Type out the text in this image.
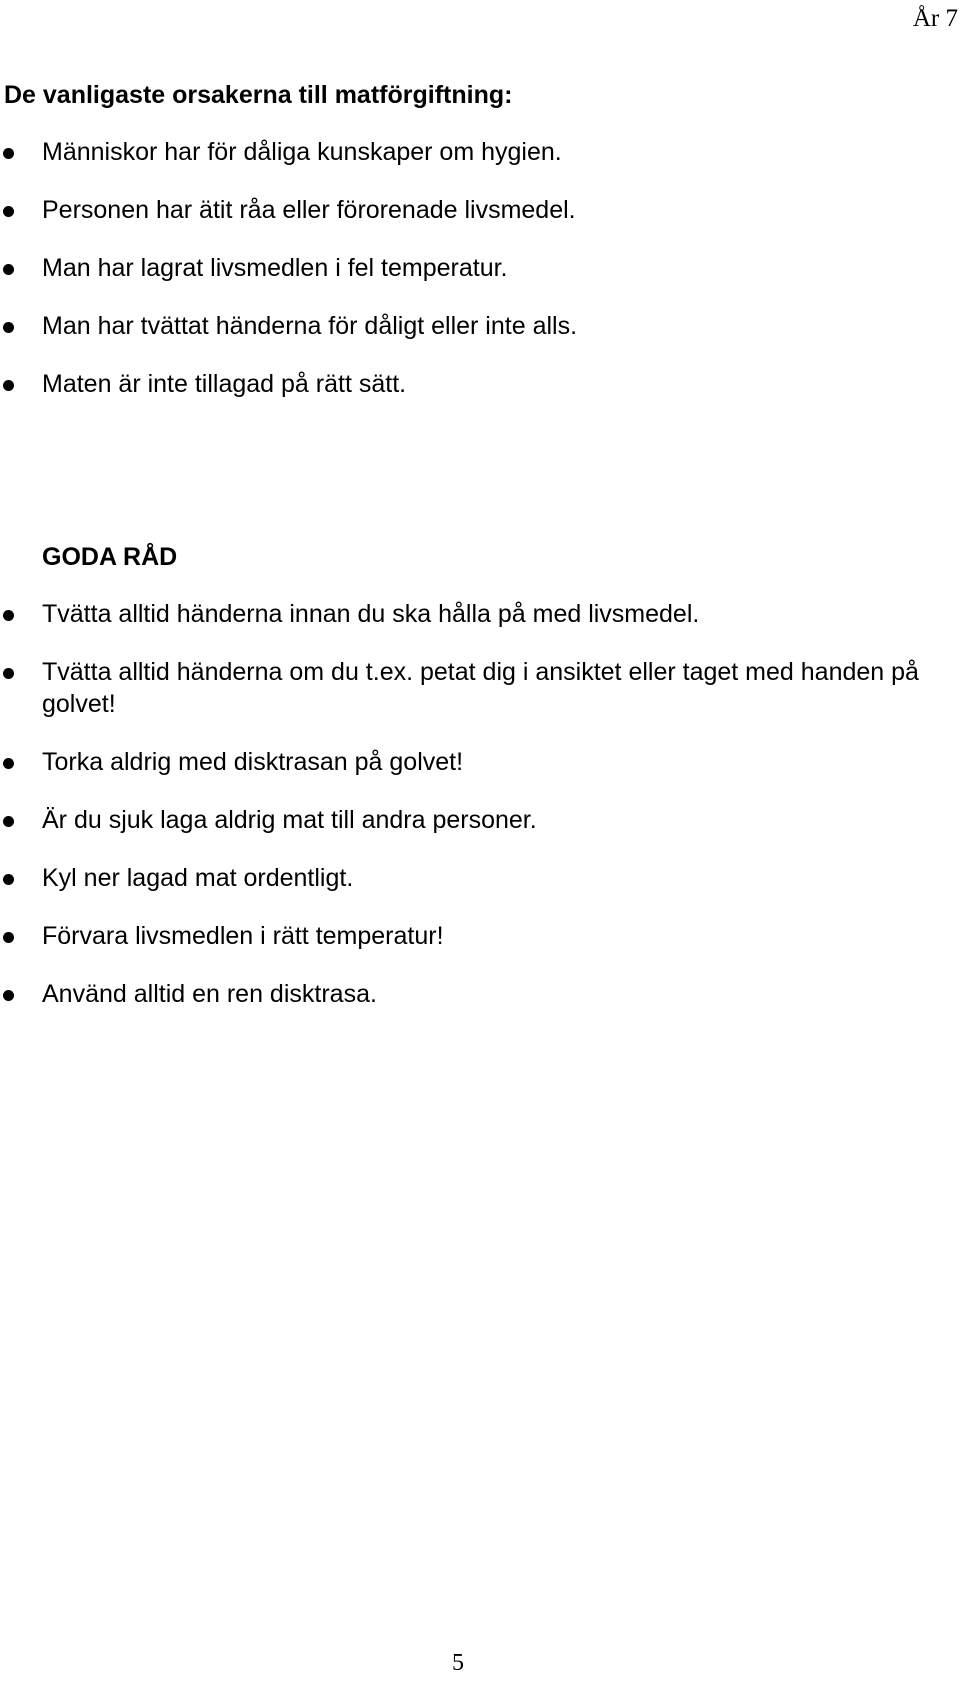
År 7
De vanligaste orsakerna till matförgiftning:
Människor har för dåliga kunskaper om hygien.
Personen har ätit råa eller förorenade livsmedel.
Man har lagrat livsmedlen i fel temperatur.
Man har tvättat händerna för dåligt eller inte alls.
Maten är inte tillagad på rätt sätt.
GODA RÅD
Tvätta alltid händerna innan du ska hålla på med livsmedel.
Tvätta alltid händerna om du t.ex. petat dig i ansiktet eller taget med handen på golvet!
Torka aldrig med disktrasan på golvet!
Är du sjuk laga aldrig mat till andra personer.
Kyl ner lagad mat ordentligt.
Förvara livsmedlen i rätt temperatur!
Använd alltid en ren disktrasa.
5
